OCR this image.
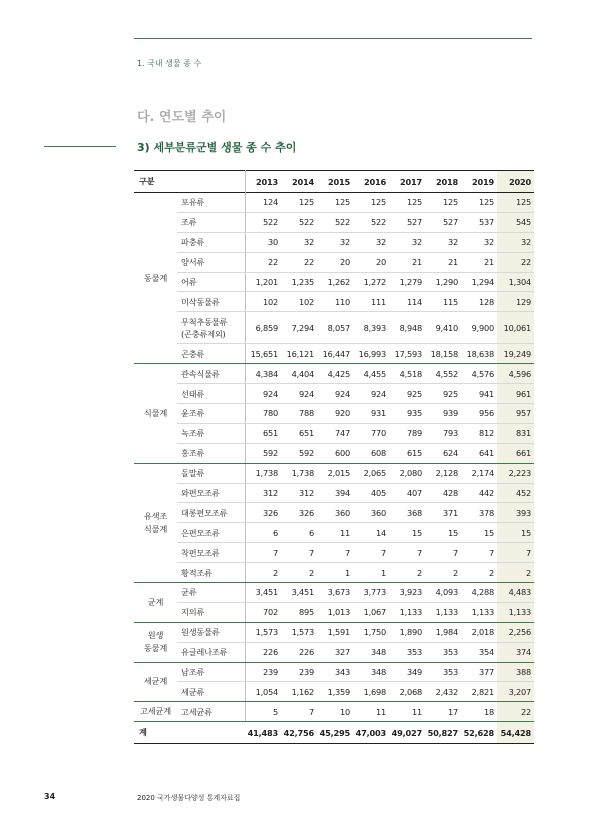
1. 국내 생물 종 수
다. 연도별 추이
3) 세부분류군별 생물 종 수 추이
구분		2013	2014	2015	2016	2017	2018	2019	2020

동물계	포유류	124	125	125	125	125	125	125	125

	조류	522	522	522	522	527	527	537	545

	파충류	30	32	32	32	32	32	32	32

	양서류	22	22	20	20	21	21	21	22

	어류	1,201	1,235	1,262	1,272	1,279	1,290	1,294	1,304

	미삭동물류	102	102	110	111	114	115	128	129

	무척추동물류
(곤충류제외)	6,859	7,294	8,057	8,393	8,948	9,410	9,900	10,061

	곤충류	15,651	16,121	16,447	16,993	17,593	18,158	18,638	19,249

식물계	관속식물류	4,384	4,404	4,425	4,455	4,518	4,552	4,576	4,596

	선태류	924	924	924	924	925	925	941	961

	윤조류	780	788	920	931	935	939	956	957

	녹조류	651	651	747	770	789	793	812	831

	홍조류	592	592	600	608	615	624	641	661

유색조
식물계	돌말류	1,738	1,738	2,015	2,065	2,080	2,128	2,174	2,223

	와편모조류	312	312	394	405	407	428	442	452

	대롱편모조류	326	326	360	360	368	371	378	393

	은편모조류	6	6	11	14	15	15	15	15

	착편모조류	7	7	7	7	7	7	7	7

	황적조류	2	2	1	1	2	2	2	2

균계	균류	3,451	3,451	3,673	3,773	3,923	4,093	4,288	4,483

	지의류	702	895	1,013	1,067	1,133	1,133	1,133	1,133

원생
동물계	원생동물류	1,573	1,573	1,591	1,750	1,890	1,984	2,018	2,256

	유글레나조류	226	226	327	348	353	353	354	374

세균계	남조류	239	239	343	348	349	353	377	388

	세균류	1,054	1,162	1,359	1,698	2,068	2,432	2,821	3,207

고세균계	고세균류	5	7	10	11	11	17	18	22
계		41,483	42,756	45,295	47,003	49,027	50,827	52,628	54,428
34	2020 국가생물다양성 통계자료집
